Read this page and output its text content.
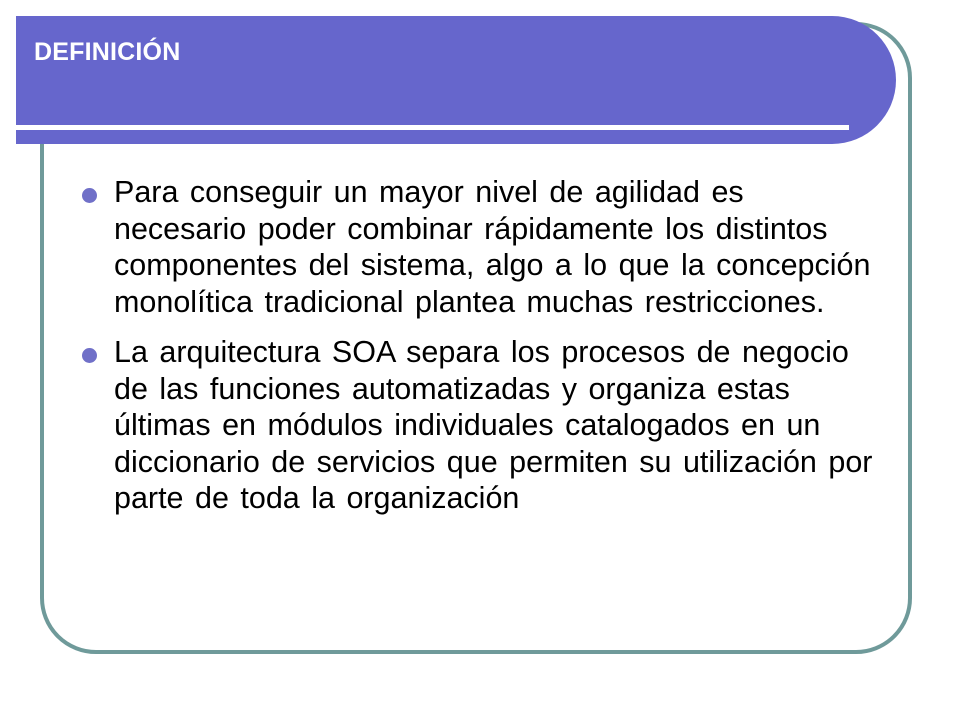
DEFINICIÓN
Para conseguir un mayor nivel de agilidad es necesario poder combinar rápidamente los distintos componentes del sistema, algo a lo que la concepción monolítica tradicional plantea muchas restricciones.
La arquitectura SOA separa los procesos de negocio de las funciones automatizadas y organiza estas últimas en módulos individuales catalogados en un diccionario de servicios que permiten su utilización por parte de toda la organización
